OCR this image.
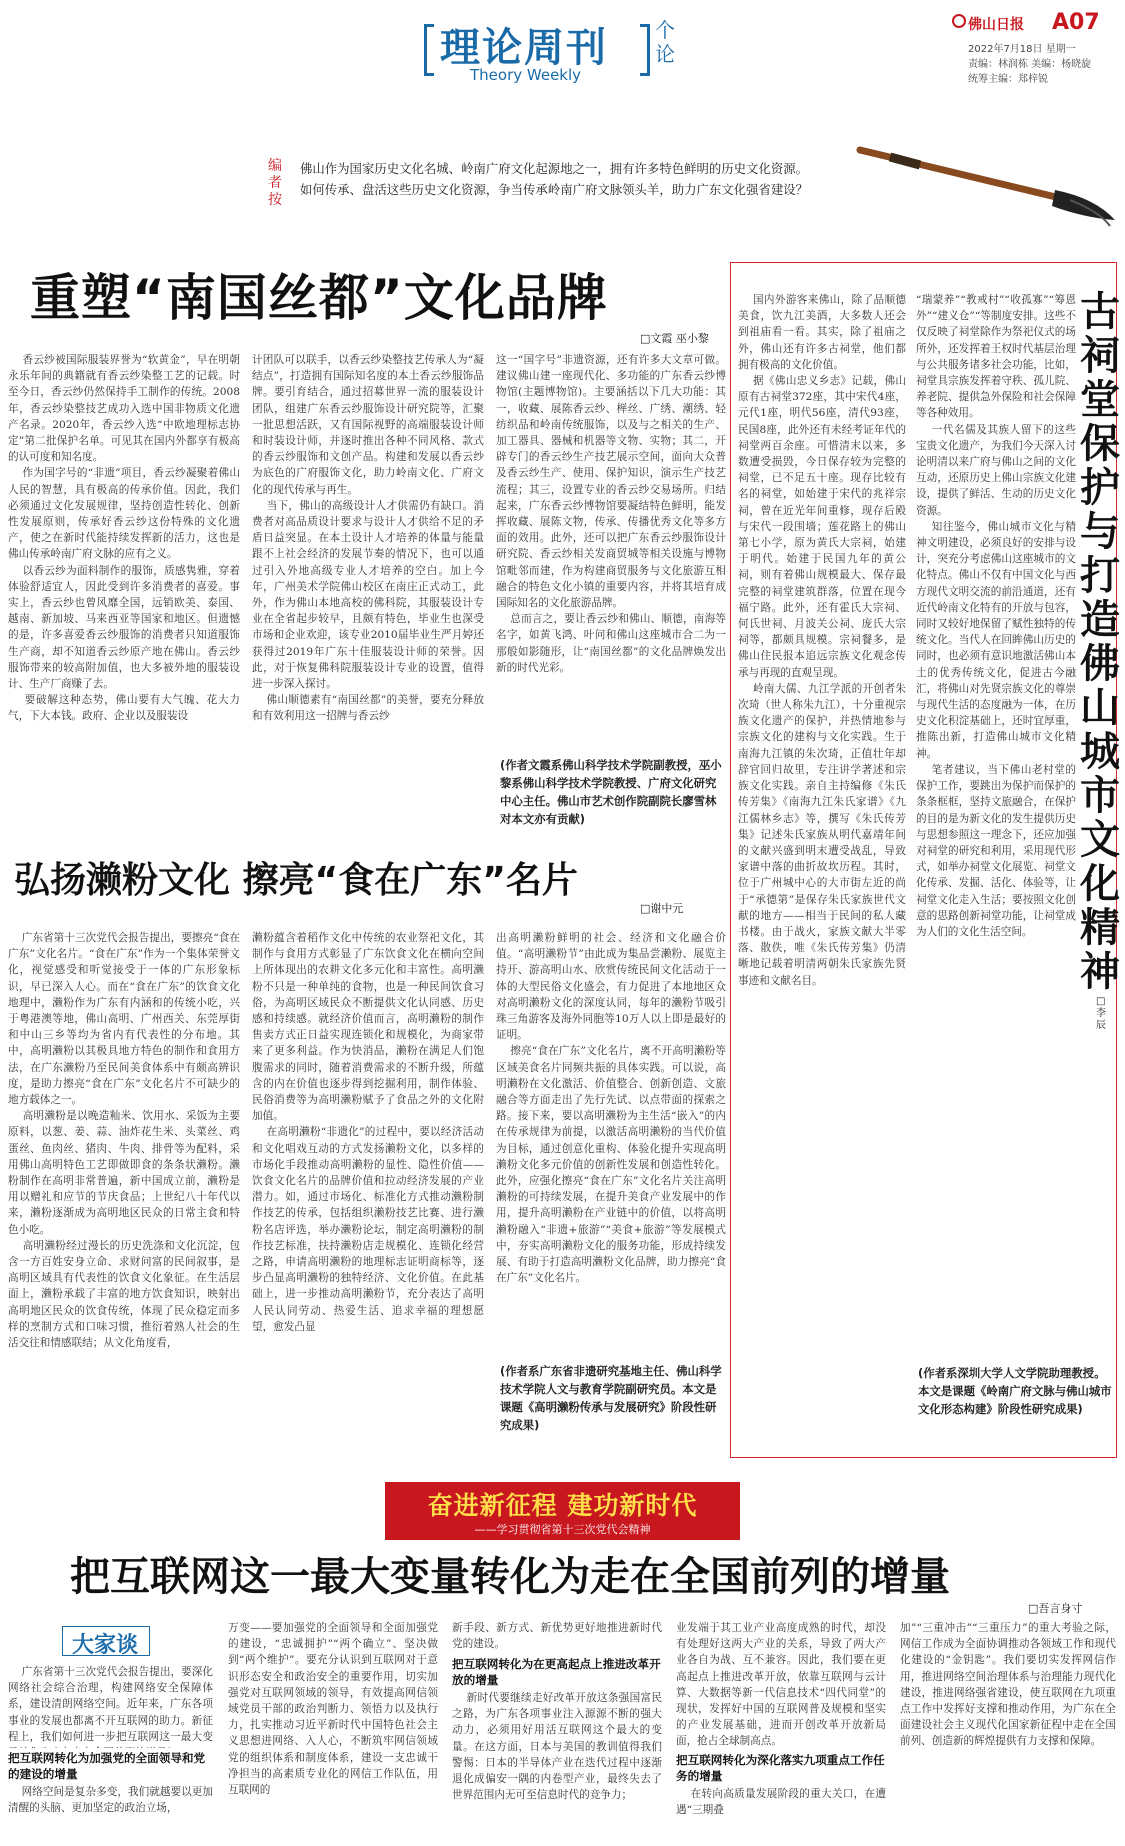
理论周刊
Theory Weekly
个论
佛山日报 A07
2022年7月18日 星期一
责编：林润栋 美编：杨晓旋
统筹主编：郑梓锐
编者按
佛山作为国家历史文化名城、岭南广府文化起源地之一，拥有许多特色鲜明的历史文化资源。如何传承、盘活这些历史文化资源，争当传承岭南广府文脉领头羊，助力广东文化强省建设？
重塑“南国丝都”文化品牌
□文霞 巫小黎
香云纱被国际服装界誉为“软黄金”，早在明朝永乐年间的典籍就有香云纱染整工艺的记载。时至今日，香云纱仍然保持手工制作的传统。2008年，香云纱染整技艺成功入选中国非物质文化遗产名录。2020年，香云纱入选“中欧地理标志协定”第二批保护名单。可见其在国内外都享有极高的认可度和知名度。
作为国字号的“非遗”项目，香云纱凝聚着佛山人民的智慧，具有极高的传承价值。因此，我们必须通过文化发展规律，坚持创造性转化、创新性发展原则，传承好香云纱这份特殊的文化遗产，使之在新时代能持续发挥新的活力，这也是佛山传承岭南广府文脉的应有之义。
以香云纱为面料制作的服饰，质感隽雅，穿着体验舒适宜人，因此受到许多消费者的喜爱。事实上，香云纱也曾风靡全国，远销欧美、泰国、越南、新加坡、马来西亚等国家和地区。但遗憾的是，许多喜爱香云纱服饰的消费者只知道服饰生产商，却不知道香云纱原产地在佛山。香云纱服饰带来的较高附加值，也大多被外地的服装设计、生产厂商赚了去。
要破解这种态势，佛山要有大气魄、花大力气，下大本钱。政府、企业以及服装设
计团队可以联手，以香云纱染整技艺传承人为“凝结点”，打造拥有国际知名度的本土香云纱服饰品牌。要引育结合，通过招募世界一流的服装设计团队，组建广东香云纱服饰设计研究院等，汇聚一批思想活跃，又有国际视野的高端服装设计师和时装设计师，并逐时推出各种不同风格、款式的香云纱服饰和文创产品。构建和发展以香云纱为底色的广府服饰文化，助力岭南文化、广府文化的现代传承与再生。
当下，佛山的高级设计人才供需仍有缺口。消费者对高品质设计要求与设计人才供给不足的矛盾日益突显。在本土设计人才培养的体量与能量跟不上社会经济的发展节奏的情况下，也可以通过引入外地高级专业人才培养的空白。加上今年，广州美术学院佛山校区在南庄正式动工，此外，作为佛山本地高校的佛科院，其服装设计专业在全省起步较早，且颇有特色，毕业生也深受市场和企业欢迎，该专业2010届毕业生严月婷还获得过2019年广东十佳服装设计师的荣誉。因此，对于恢复佛科院服装设计专业的设置，值得进一步深入探讨。
佛山顺德素有“南国丝都”的美誉，要充分释放和有效利用这一招牌与香云纱
这一“国字号”非遗资源，还有许多大文章可做。建议佛山建一座现代化、多功能的广东香云纱博物馆(主题博物馆)。主要涵括以下几大功能：其一，收藏、展陈香云纱、榉丝、广绣、潮绣、轻纺织品和岭南传统服饰，以及与之相关的生产、加工器具、器械和机器等文物、实物；其二，开辟专门的香云纱生产技艺展示空间，面向大众普及香云纱生产、使用、保护知识，演示生产技艺流程；其三，设置专业的香云纱交易场所。归结起来，广东香云纱博物馆要凝结特色鲜明，能发挥收藏、展陈文物，传承、传播优秀文化等多方面的效用。此外，还可以把广东香云纱服饰设计研究院、香云纱相关发商贸城等相关设施与博物馆毗邻而建，作为构建商贸服务与文化旅游互相融合的特色文化小镇的重要内容，并将其培育成国际知名的文化旅游品牌。
总而言之，要让香云纱和佛山、顺德，南海等名字，如黄飞鸿、叶问和佛山这座城市合二为一那般如影随形，让“南国丝都”的文化品牌焕发出新的时代光彩。
(作者文霞系佛山科学技术学院副教授，巫小黎系佛山科学技术学院教授、广府文化研究中心主任。佛山市艺术创作院副院长廖雪林对本文亦有贡献)
弘扬濑粉文化 擦亮“食在广东”名片
□谢中元
广东省第十三次党代会报告提出，要擦亮“食在广东”文化名片。“食在广东”作为一个集体荣誉文化，视觉感受和听觉接受于一体的广东形象标识，早已深入人心。而在“食在广东”的饮食文化地理中，濑粉作为广东有内涵和的传统小吃，兴于粤港澳等地，佛山高明、广州西关、东莞厚街和中山三乡等均为省内有代表性的分布地。其中，高明濑粉以其极具地方特色的制作和食用方法，在广东濑粉乃至民间美食体系中有颇高辨识度，是助力擦亮“食在广东”文化名片不可缺少的地方载体之一。
高明濑粉是以晚造籼米、饮用水、采饭为主要原料，以葱、姜、蒜、油炸花生米、头菜丝、鸡蛋丝、鱼肉丝、猪肉、牛肉、排骨等为配料，采用佛山高明特色工艺即做即食的条条状濑粉。濑粉制作在高明非常普遍，新中国成立前，濑粉是用以赠礼和应节的节庆食品；上世纪八十年代以来，濑粉逐渐成为高明地区民众的日常主食和特色小吃。
高明濑粉经过漫长的历史洗涤和文化沉淀，包含一方百姓安身立命、求财问富的民间叙事，是高明区域具有代表性的饮食文化象征。在生活层面上，濑粉承载了丰富的地方饮食知识，映射出高明地区民众的饮食传统，体现了民众稳定而多样的烹制方式和口味习惯，推衍着熟人社会的生活交往和情感联结；从文化角度看，
濑粉蕴含着稻作文化中传统的农业祭祀文化，其制作与食用方式彰显了广东饮食文化在横向空间上所体现出的农耕文化多元化和丰富性。高明濑粉不只是一种单纯的食物，也是一种民间饮食习俗，为高明区域民众不断提供文化认同感、历史感和持续感。就经济价值而言，高明濑粉的制作售卖方式正日益实现连锁化和规模化，为商家带来了更多利益。作为快消品，濑粉在满足人们饱腹需求的同时，随着消费需求的不断升级，所蕴含的内在价值也逐步得到挖掘利用，制作体验、民俗消费等为高明濑粉赋予了食品之外的文化附加值。
在高明濑粉“非遗化”的过程中，要以经济活动和文化唱戏互动的方式发扬濑粉文化，以多样的市场化手段推动高明濑粉的显性、隐性价值——饮食文化名片的品牌价值和拉动经济发展的产业潜力。如，通过市场化、标准化方式推动濑粉制作技艺的传承，包括组织濑粉技艺比赛、进行濑粉名店评选，举办濑粉论坛，制定高明濑粉的制作技艺标准，扶持濑粉店走规模化、连锁化经营之路，申请高明濑粉的地理标志证明商标等，逐步凸显高明濑粉的独特经济、文化价值。在此基础上，进一步推动高明濑粉节，充分表达了高明人民认同劳动、热爱生活、追求幸福的理想愿望，愈发凸显
出高明濑粉鲜明的社会、经济和文化融合价值。“高明濑粉节”由此成为集品尝濑粉、展览主持开、游高明山水、欣赏传统民间文化活动于一体的大型民俗文化盛会，有力促进了本地地区众对高明濑粉文化的深度认同，每年的濑粉节吸引珠三角游客及海外同胞等10万人以上即是最好的证明。
擦亮“食在广东”文化名片，离不开高明濑粉等区域美食名片同频共振的具体实践。可以说，高明濑粉在文化激活、价值整合、创新创造、文旅融合等方面走出了先行先试、以点带面的探索之路。接下来，要以高明濑粉为主生活“嵌入”的内在传承规律为前提，以激活高明濑粉的当代价值为目标，通过创意化重构、体验化提升实现高明濑粉文化多元价值的创新性发展和创造性转化。此外，应强化擦亮“食在广东”文化名片关注高明濑粉的可持续发展，在提升美食产业发展中的作用，提升高明濑粉在产业链中的价值，以将高明濑粉融入“非遗+旅游”“美食+旅游”等发展模式中，夯实高明濑粉文化的服务功能，形成持续发展、有助于打造高明濑粉文化品牌，助力擦亮“食在广东”文化名片。
(作者系广东省非遗研究基地主任、佛山科学技术学院人文与教育学院副研究员。本文是课题《高明濑粉传承与发展研究》阶段性研究成果)
国内外游客来佛山，除了品顺德美食，饮九江美酒，大多数人还会到祖庙看一看。其实，除了祖庙之外，佛山还有许多古祠堂，他们都拥有极高的文化价值。
据《佛山忠义乡志》记载，佛山原有古祠堂372座，其中宋代4座，元代1座，明代56座，清代93座，民国8座，此外还有未经考证年代的祠堂两百余座。可惜清末以来，多数遭受损毁，今日保存较为完整的祠堂，已不足五十座。现存比较有名的祠堂，如始建于宋代的兆祥宗祠，曾在近光年间重修，现存后殿与宋代一段围墙；莲花路上的佛山第七小学，原为黄氏大宗祠，始建于明代。始建于民国九年的黄公祠，则有着佛山规模最大、保存最完整的祠堂建筑群落，位置在现今福宁路。此外，还有霍氏大宗祠、何氏世祠、月波关公祠、庞氏大宗祠等，都颇具规模。宗祠餐多，是佛山住民报本追远宗族文化观念传承与再现的直观呈现。
岭南大儒、九江学派的开创者朱次琦（世人称朱九江），十分重视宗族文化遗产的保护，并热情地参与宗族文化的建构与文化实践。生于南海九江镇的朱次琦，正值壮年却辞官回归故里，专注讲学著述和宗族文化实践。亲自主持编修《朱氏传芳集》《南海九江朱氏家谱》《九江儒林乡志》等，撰写《朱氏传芳集》记述朱氏家族从明代嘉靖年间的文献兴盛到明末遭受战乱，导致家谱中落的曲折故坎历程。其时，位于广州城中心的大市街左近的尚于“承德第”是保存朱氏家族世代文献的地方——相当于民间的私人藏书楼。由于战火，家族文献大半零落、散佚，唯《朱氏传芳集》仍清晰地记载着明清两朝朱氏家族先贤事迹和文献名目。
“瑞蒙养”“教戒村”“收孤寡”“筹恩外”“建义仓”“等制度安排。这些不仅反映了祠堂除作为祭祀仪式的场所外，还发挥着王权时代基层治理与公共服务诸多社会功能，比如，祠堂具宗族发挥着守秩、孤儿院、养老院、提供急外保险和社会保障等各种效用。
一代名儒及其族人留下的这些宝贵文化遗产，为我们今天深入讨论明清以来广府与佛山之间的文化互动，还原历史上佛山宗族文化建设，提供了鲜活、生动的历史文化资源。
知往鉴今，佛山城市文化与精神文明建设，必须良好的安排与设计，突充分考虑佛山这座城市的文化特点。佛山不仅有中国文化与西方现代文明交流的前沿通道，还有近代岭南文化特有的开放与包容，同时又较好地保留了赋性独特的传统文化。当代人在回眸佛山历史的同时，也必须有意识地激活佛山本土的优秀传统文化，促进古今融汇，将佛山对先贤宗族文化的尊崇与现代生活的态度融为一体，在历史文化积淀基础上，还时宜厚重，推陈出新，打造佛山城市文化精神。
笔者建议，当下佛山老村堂的保护工作，要跳出为保护而保护的条条框框，坚持文旅融合，在保护的目的是为新文化的发生提供历史与思想参照这一理念下，还应加强对祠堂的研究和利用，采用现代形式，如举办祠堂文化展览、祠堂文化传承、发掘、活化、体验等，让祠堂文化走入生活；要按照文化创意的思路创新祠堂功能，让祠堂成为人们的文化生活空间。
古祠堂保护与打造佛山城市文化精神
□李辰
(作者系深圳大学人文学院助理教授。本文是课题《岭南广府文脉与佛山城市文化形态构建》阶段性研究成果)
奋进新征程 建功新时代
——学习贯彻省第十三次党代会精神
把互联网这一最大变量转化为走在全国前列的增量
□吾言身寸
大家谈
广东省第十三次党代会报告提出，要深化网络社会综合治理，构建网络安全保障体系，建设清朗网络空间。近年来，广东各项事业的发展也都离不开互联网的助力。新征程上，我们如何进一步把互联网这一最大变
把互联网转化为加强党的全面领导和党的建设的增量
网络空间是复杂多变，我们就越要以更加清醒的头脑、更加坚定的政治立场，
万变——要加强党的全面领导和全面加强党的建设，“忠诚拥护”“两个确立”、坚决做到“两个维护”。要充分认识到互联网对于意识形态安全和政治安全的重要作用，切实加强党对互联网领域的领导，有效提高网信领域党员干部的政治判断力、领悟力以及执行力，扎实推动习近平新时代中国特色社会主义思想进网络、入人心，不断筑牢网信领域党的组织体系和制度体系，建设一支忠诚干净担当的高素质专业化的网信工作队伍，用互联网的
新手段、新方式、新优势更好地推进新时代党的建设。
把互联网转化为在更高起点上推进改革开放的增量
新时代要继续走好改革开放这条强国富民之路，为广东各项事业注入源源不断的强大动力，必须用好用活互联网这个最大的变量。在这方面，日本与美国的教训值得我们警惕：日本的半导体产业在迭代过程中逐渐退化成偏安一隅的内卷型产业，最终失去了世界范围内无可至信息时代的竞争力；
业发端于其工业产业高度成熟的时代，却没有处理好这两大产业的关系，导致了两大产业各自为战、互不兼容。因此，我们要在更高起点上推进改革开放，依靠互联网与云计算、大数据等新一代信息技术“四代同堂”的现状，发挥好中国的互联网普及规模和坚实的产业发展基础，进而开创改革开放新局面，抢占全球制高点。
把互联网转化为深化落实九项重点工作任务的增量
在转向高质量发展阶段的重大关口，在遭遇“三期叠
加”“三重冲击”“三重压力”的重大考验之际，网信工作成为全面协调推动各领域工作和现代化建设的“金钥匙”。我们要切实发挥网信作用，推进网络空间治理体系与治理能力现代化建设，推进网络强省建设，使互联网在九项重点工作中发挥好支撑和推动作用，为广东在全面建设社会主义现代化国家新征程中走在全国前列、创造新的辉煌提供有力支撑和保障。
